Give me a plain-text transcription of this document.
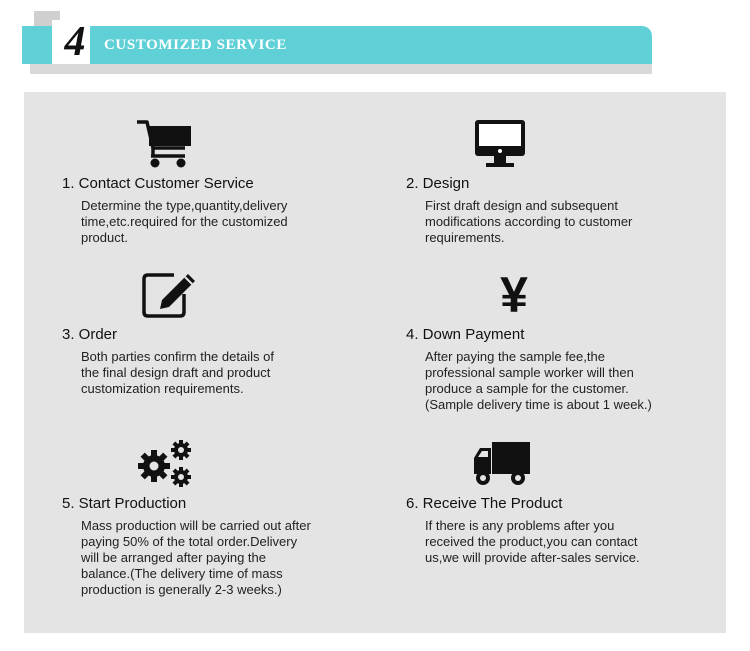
4	CUSTOMIZED SERVICE
1. Contact Customer Service

Determine the type,quantity,delivery
time,etc.required for the customized
product.

2. Design

First draft design and subsequent
modifications according to customer
requirements.

3. Order

Both parties confirm the details of
the final design draft and product
customization requirements.

¥
4. Down Payment

After paying the sample fee,the
professional sample worker will then
produce a sample for the customer.
(Sample delivery time is about 1 week.)

5. Start Production

Mass production will be carried out after
paying 50% of the total order.Delivery
will be arranged after paying the
balance.(The delivery time of mass
production is generally 2-3 weeks.)

6. Receive The Product

If there is any problems after you
received the product,you can contact
us,we will provide after-sales service.
